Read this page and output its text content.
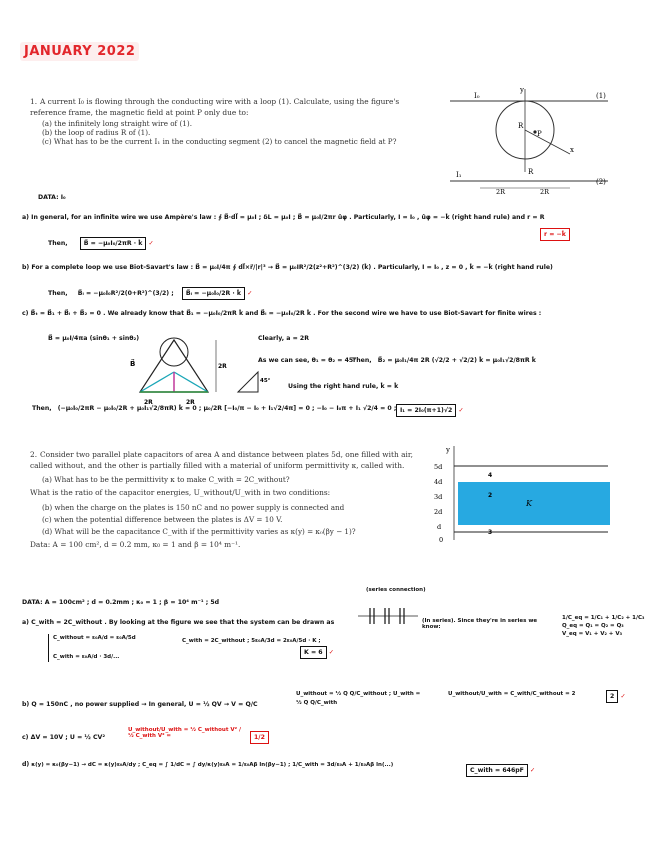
JANUARY 2022
1. A current I₀ is flowing through the conducting wire with a loop (1). Calculate, using the figure's reference frame, the magnetic field at point P only due to:
(a) the infinitely long straight wire of (1).
(b) the loop of radius R of (1).
(c) What has to be the current I₁ in the conducting segment (2) to cancel the magnetic field at P?
y
x
I₀
R
P
R
(1)
I₁
(2)
2R	2R
DATA: I₀
a) In general, for an infinite wire we use Ampère's law : ∮ B⃗·dl⃗ = μ₀I ; δL = μ₀I ; B⃗ = μ₀I/2πr ûφ . Particularly, I = I₀ , ûφ = −k̂ (right hand rule) and r = R
r = −k̂
Then,	B⃗ = −μ₀I₀/2πR · k̂ ✓
b) For a complete loop we use Biot-Savart's law : B⃗ = μ₀I/4π ∮ dl⃗×r⃗/|r|³ → B⃗ = μ₀IR²/2(z²+R²)^(3/2) (k̂) . Particularly, I = I₀ , z = 0 , k̂ = −k̂ (right hand rule)
Then, B⃗ₗ = −μ₀I₀R²/2(0+R²)^(3/2) ; B⃗ₗ = −μ₀I₀/2R · k̂ ✓
c) B⃗ₜ = B⃗₁ + B⃗ₗ + B⃗₂ = 0 . We already know that B⃗₁ = −μ₀I₀/2πR k̂ and B⃗ₗ = −μ₀I₀/2R k̂ . For the second wire we have to use Biot-Savart for finite wires :
B⃗ = μ₀I/4πa (sinθ₁ + sinθ₂)	Clearly, a = 2R
B⃗	2R
2R	2R
45°
As we can see, θ₁ = θ₂ = 45°
Then, B⃗₂ = μ₀I₁/4π 2R (√2/2 + √2/2) k̂ = μ₀I₁√2/8πR k̂
Using the right hand rule, k̂ = k̂
Then, (−μ₀I₀/2πR − μ₀I₀/2R + μ₀I₁√2/8πR) k̂ = 0 ; μ₀/2R [−I₀/π − I₀ + I₁√2/4π] = 0 ; −I₀ − I₀π + I₁ √2/4 = 0 ; I₁ = 2I₀(π+1)√2 ✓
2. Consider two parallel plate capacitors of area A and distance between plates 5d, one filled with air, called without, and the other is partially filled with a material of uniform permittivity κ, called with.
(a) What has to be the permittivity κ to make C_with = 2C_without?
What is the ratio of the capacitor energies, U_without/U_with in two conditions:
(b) when the charge on the plates is 150 nC and no power supply is connected and
(c) when the potential difference between the plates is ΔV = 10 V.
(d) What will be the capacitance C_with if the permittivity varies as κ(y) = κ₀(βy − 1)?
Data: A = 100 cm², d = 0.2 mm, κ₀ = 1 and β = 10⁴ m⁻¹.
y
5d
4d
3d
2d
d
0
K
4
2
3
DATA: A = 100cm² ; d = 0.2mm ; κ₀ = 1 ; β = 10⁴ m⁻¹ ; 5d
(series connection)
a) C_with = 2C_without . By looking at the figure we see that the system can be drawn as	(In series). Since they're in series we know:
1/C_eq = 1/C₁ + 1/C₂ + 1/C₃
Q_eq = Q₁ = Q₂ = Q₃
V_eq = V₁ + V₂ + V₃
C_without = ε₀A/d = ε₀A/5d
C_with = ε₀A/d · 3d/...
C_with = 2C_without ; 5ε₀A/3d = 2ε₀A/5d · K ;
K = 6 ✓
b) Q = 150nC , no power supplied → In general, U = ½ QV → V = Q/C
U_without = ½ Q Q/C_without ; U_with = ½ Q Q/C_with
U_without/U_with = C_with/C_without = 2	2 ✓
c) ΔV = 10V ; U = ½ CV²
U_without/U_with = ½ C_without V² / ½ C_with V² =	1/2
d) κ(y) = κ₀(βy−1) → dC = κ(y)ε₀A/dy ; C_eq = ∫ 1/dC = ∫ dy/κ(y)ε₀A = 1/ε₀Aβ ln(βy−1) ; 1/C_with = 3d/ε₀A + 1/ε₀Aβ ln(...)
C_with = 646pF ✓
